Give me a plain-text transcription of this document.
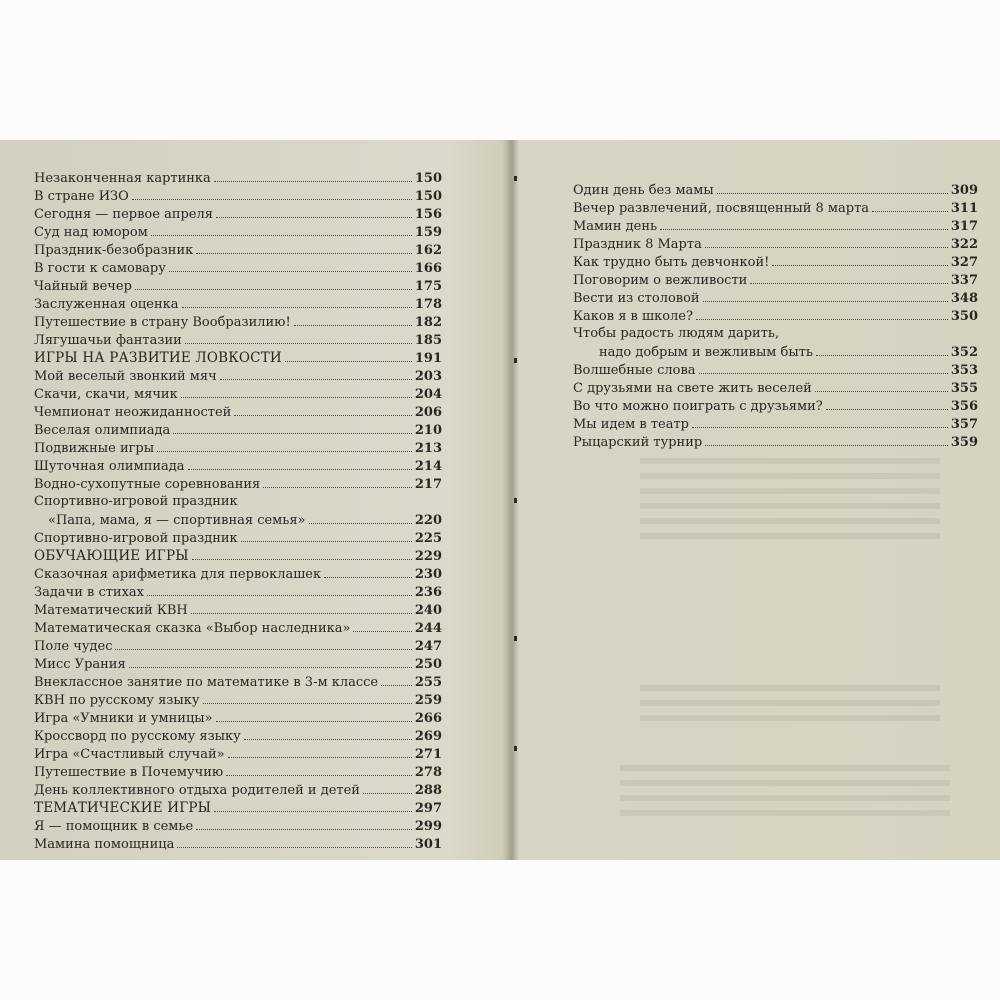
Незаконченная картинка	150
В стране ИЗО	150
Сегодня — первое апреля	156
Суд над юмором	159
Праздник-безобразник	162
В гости к самовару	166
Чайный вечер	175
Заслуженная оценка	178
Путешествие в страну Вообразилию!	182
Лягушачьи фантазии	185
ИГРЫ НА РАЗВИТИЕ ЛОВКОСТИ	191
Мой веселый звонкий мяч	203
Скачи, скачи, мячик	204
Чемпионат неожиданностей	206
Веселая олимпиада	210
Подвижные игры	213
Шуточная олимпиада	214
Водно-сухопутные соревнования	217
Спортивно-игровой праздник
«Папа, мама, я — спортивная семья»	220
Спортивно-игровой праздник	225
ОБУЧАЮЩИЕ ИГРЫ	229
Сказочная арифметика для первоклашек	230
Задачи в стихах	236
Математический КВН	240
Математическая сказка «Выбор наследника»	244
Поле чудес	247
Мисс Урания	250
Внеклассное занятие по математике в 3-м классе	255
КВН по русскому языку	259
Игра «Умники и умницы»	266
Кроссворд по русскому языку	269
Игра «Счастливый случай»	271
Путешествие в Почемучию	278
День коллективного отдыха родителей и детей	288
ТЕМАТИЧЕСКИЕ ИГРЫ	297
Я — помощник в семье	299
Мамина помощница	301
Один день без мамы	309
Вечер развлечений, посвященный 8 марта	311
Мамин день	317
Праздник 8 Марта	322
Как трудно быть девчонкой!	327
Поговорим о вежливости	337
Вести из столовой	348
Каков я в школе?	350
Чтобы радость людям дарить,
надо добрым и вежливым быть	352
Волшебные слова	353
С друзьями на свете жить веселей	355
Во что можно поиграть с друзьями?	356
Мы идем в театр	357
Рыцарский турнир	359
